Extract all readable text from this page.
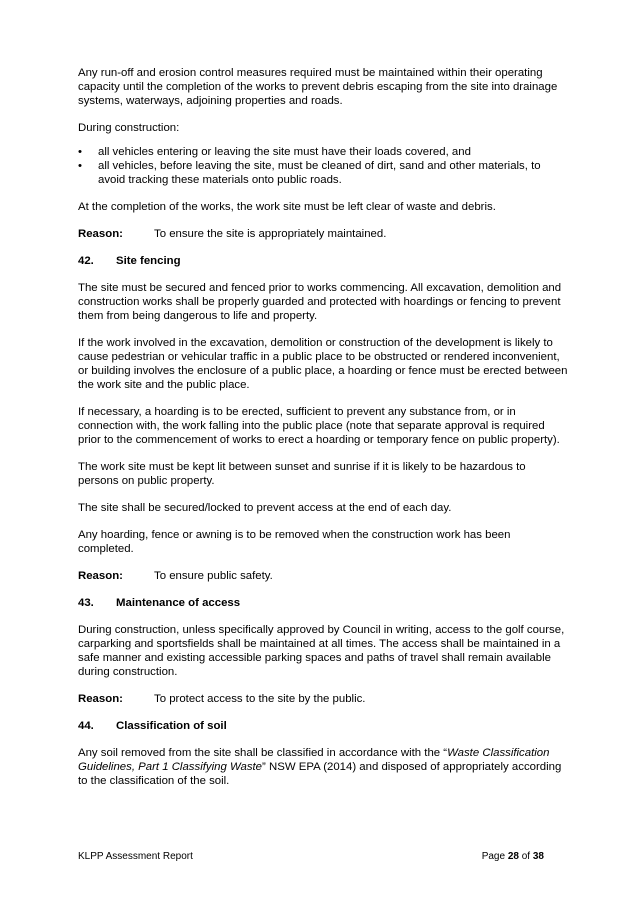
Any run-off and erosion control measures required must be maintained within their operating capacity until the completion of the works to prevent debris escaping from the site into drainage systems, waterways, adjoining properties and roads.

During construction:

• all vehicles entering or leaving the site must have their loads covered, and
• all vehicles, before leaving the site, must be cleaned of dirt, sand and other materials, to avoid tracking these materials onto public roads.

At the completion of the works, the work site must be left clear of waste and debris.

Reason:	To ensure the site is appropriately maintained.
42.	Site fencing

The site must be secured and fenced prior to works commencing. All excavation, demolition and construction works shall be properly guarded and protected with hoardings or fencing to prevent them from being dangerous to life and property.

If the work involved in the excavation, demolition or construction of the development is likely to cause pedestrian or vehicular traffic in a public place to be obstructed or rendered inconvenient, or building involves the enclosure of a public place, a hoarding or fence must be erected between the work site and the public place.

If necessary, a hoarding is to be erected, sufficient to prevent any substance from, or in connection with, the work falling into the public place (note that separate approval is required prior to the commencement of works to erect a hoarding or temporary fence on public property).

The work site must be kept lit between sunset and sunrise if it is likely to be hazardous to persons on public property.

The site shall be secured/locked to prevent access at the end of each day.

Any hoarding, fence or awning is to be removed when the construction work has been completed.

Reason:	To ensure public safety.
43.	Maintenance of access

During construction, unless specifically approved by Council in writing, access to the golf course, carparking and sportsfields shall be maintained at all times. The access shall be maintained in a safe manner and existing accessible parking spaces and paths of travel shall remain available during construction.

Reason:	To protect access to the site by the public.
44.	Classification of soil

Any soil removed from the site shall be classified in accordance with the “Waste Classification Guidelines, Part 1 Classifying Waste” NSW EPA (2014) and disposed of appropriately according to the classification of the soil.

KLPP Assessment Report	Page 28 of 38
